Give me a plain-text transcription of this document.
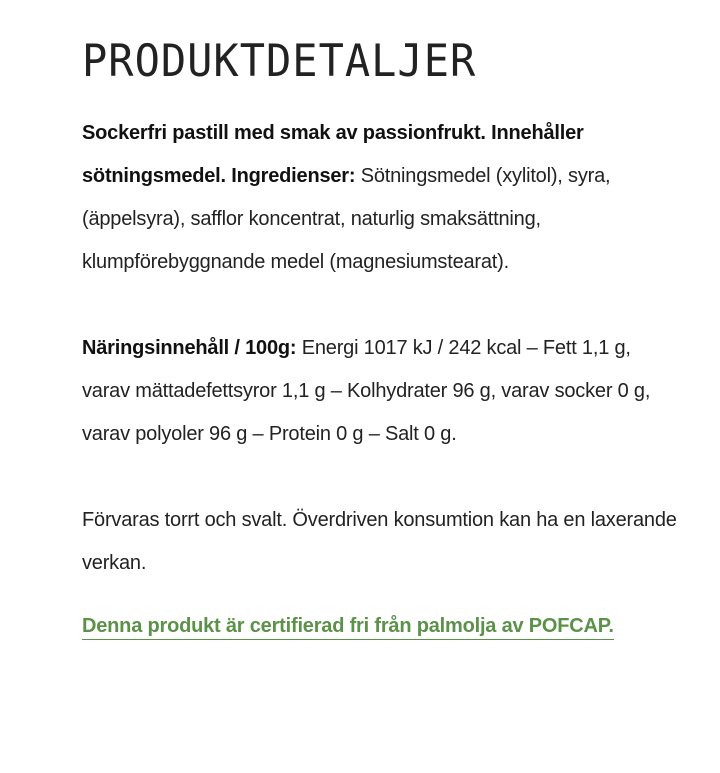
PRODUKTDETALJER

Sockerfri pastill med smak av passionfrukt. Innehåller sötningsmedel. Ingredienser: Sötningsmedel (xylitol), syra, (äppelsyra), safflor koncentrat, naturlig smaksättning, klumpförebyggnande medel (magnesiumstearat).

Näringsinnehåll / 100g: Energi 1017 kJ / 242 kcal – Fett 1,1 g, varav mättadefettsyror 1,1 g – Kolhydrater 96 g, varav socker 0 g, varav polyoler 96 g – Protein 0 g – Salt 0 g.

Förvaras torrt och svalt. Överdriven konsumtion kan ha en laxerande verkan.

Denna produkt är certifierad fri från palmolja av POFCAP.
